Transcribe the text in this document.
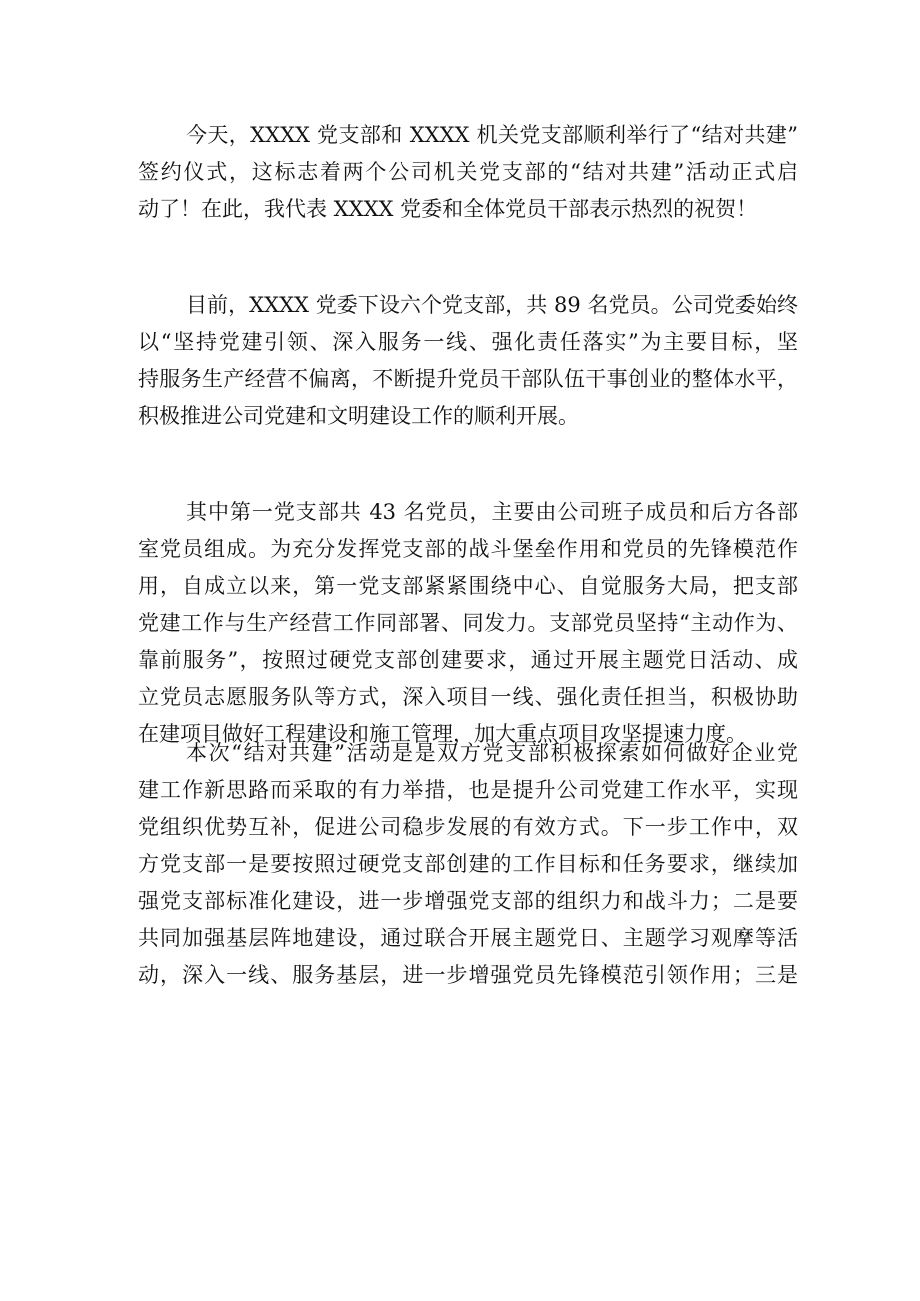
今天，XXXX 党支部和 XXXX 机关党支部顺利举行了“结对共建”
签约仪式，这标志着两个公司机关党支部的“结对共建”活动正式启
动了！在此，我代表 XXXX 党委和全体党员干部表示热烈的祝贺！
目前，XXXX 党委下设六个党支部，共 89 名党员。公司党委始终
以“坚持党建引领、深入服务一线、强化责任落实”为主要目标，坚
持服务生产经营不偏离，不断提升党员干部队伍干事创业的整体水平，
积极推进公司党建和文明建设工作的顺利开展。
其中第一党支部共 43 名党员，主要由公司班子成员和后方各部
室党员组成。为充分发挥党支部的战斗堡垒作用和党员的先锋模范作
用，自成立以来，第一党支部紧紧围绕中心、自觉服务大局，把支部
党建工作与生产经营工作同部署、同发力。支部党员坚持“主动作为、
靠前服务”，按照过硬党支部创建要求，通过开展主题党日活动、成
立党员志愿服务队等方式，深入项目一线、强化责任担当，积极协助
在建项目做好工程建设和施工管理，加大重点项目攻坚提速力度。
本次“结对共建”活动是是双方党支部积极探索如何做好企业党
建工作新思路而采取的有力举措，也是提升公司党建工作水平，实现
党组织优势互补，促进公司稳步发展的有效方式。下一步工作中，双
方党支部一是要按照过硬党支部创建的工作目标和任务要求，继续加
强党支部标准化建设，进一步增强党支部的组织力和战斗力；二是要
共同加强基层阵地建设，通过联合开展主题党日、主题学习观摩等活
动，深入一线、服务基层，进一步增强党员先锋模范引领作用；三是
